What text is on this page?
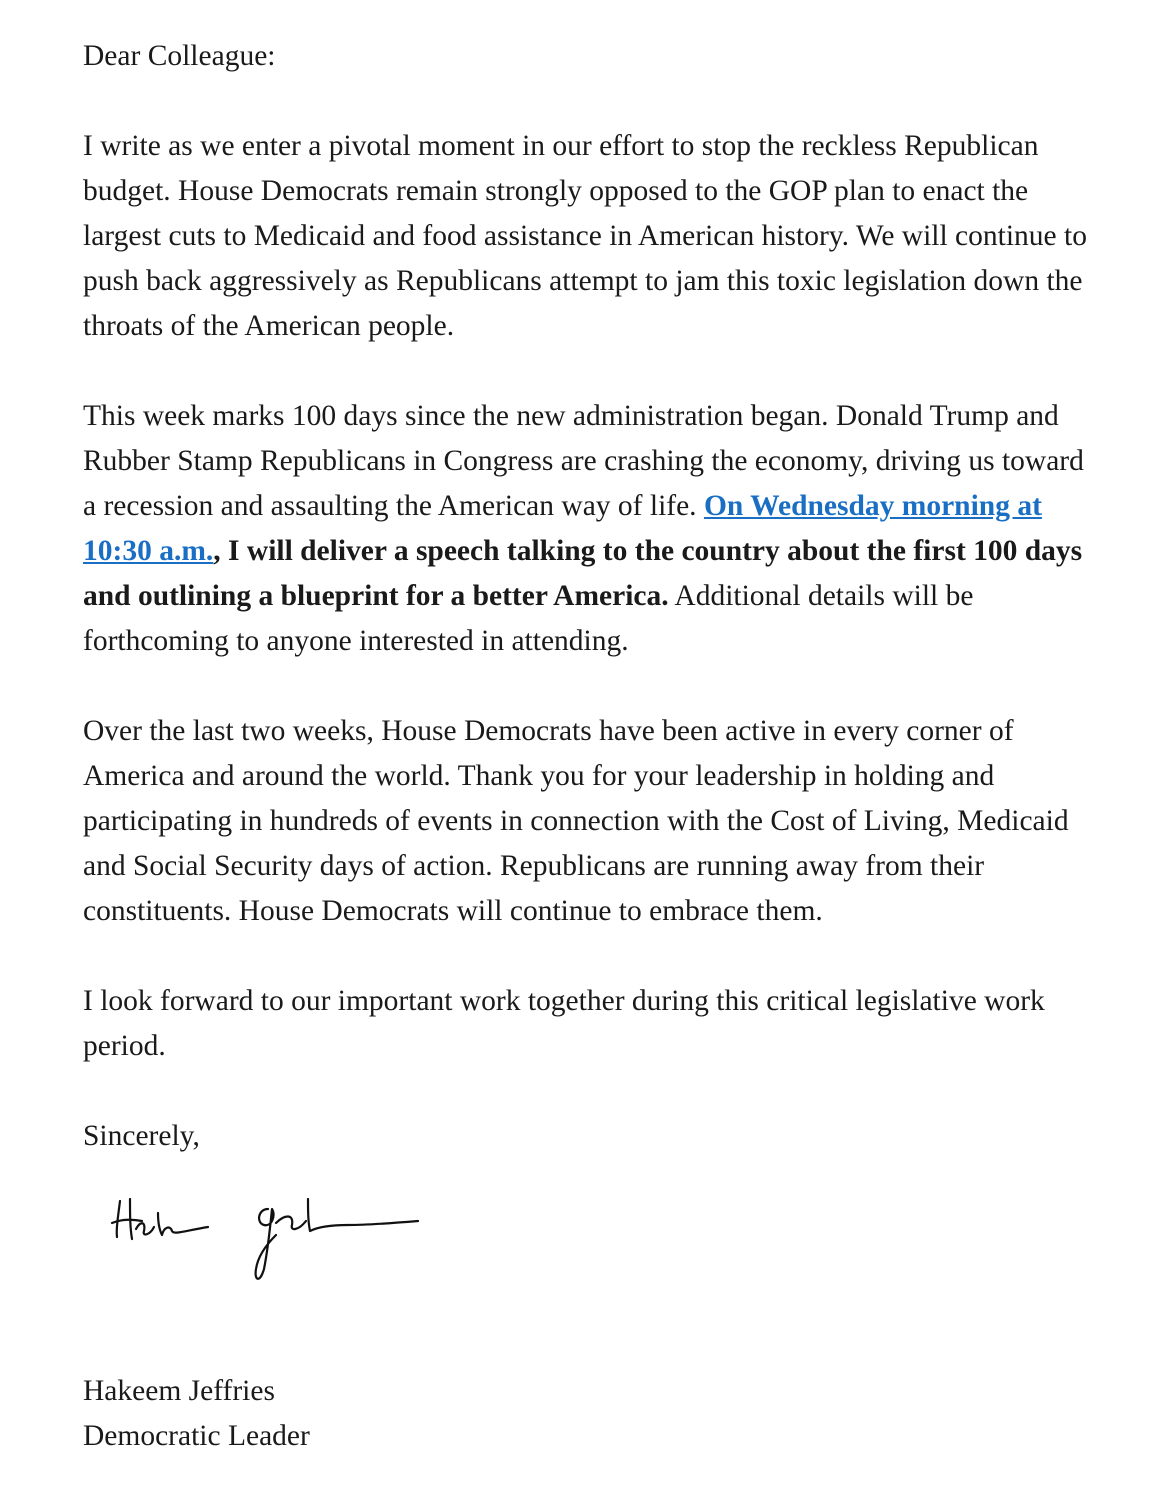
Dear Colleague:

I write as we enter a pivotal moment in our effort to stop the reckless Republican budget. House Democrats remain strongly opposed to the GOP plan to enact the largest cuts to Medicaid and food assistance in American history. We will continue to push back aggressively as Republicans attempt to jam this toxic legislation down the throats of the American people.

This week marks 100 days since the new administration began. Donald Trump and Rubber Stamp Republicans in Congress are crashing the economy, driving us toward a recession and assaulting the American way of life. On Wednesday morning at 10:30 a.m., I will deliver a speech talking to the country about the first 100 days and outlining a blueprint for a better America. Additional details will be forthcoming to anyone interested in attending.

Over the last two weeks, House Democrats have been active in every corner of America and around the world. Thank you for your leadership in holding and participating in hundreds of events in connection with the Cost of Living, Medicaid and Social Security days of action. Republicans are running away from their constituents. House Democrats will continue to embrace them.

I look forward to our important work together during this critical legislative work period.

Sincerely,

Hakeem Jeffries

Democratic Leader
